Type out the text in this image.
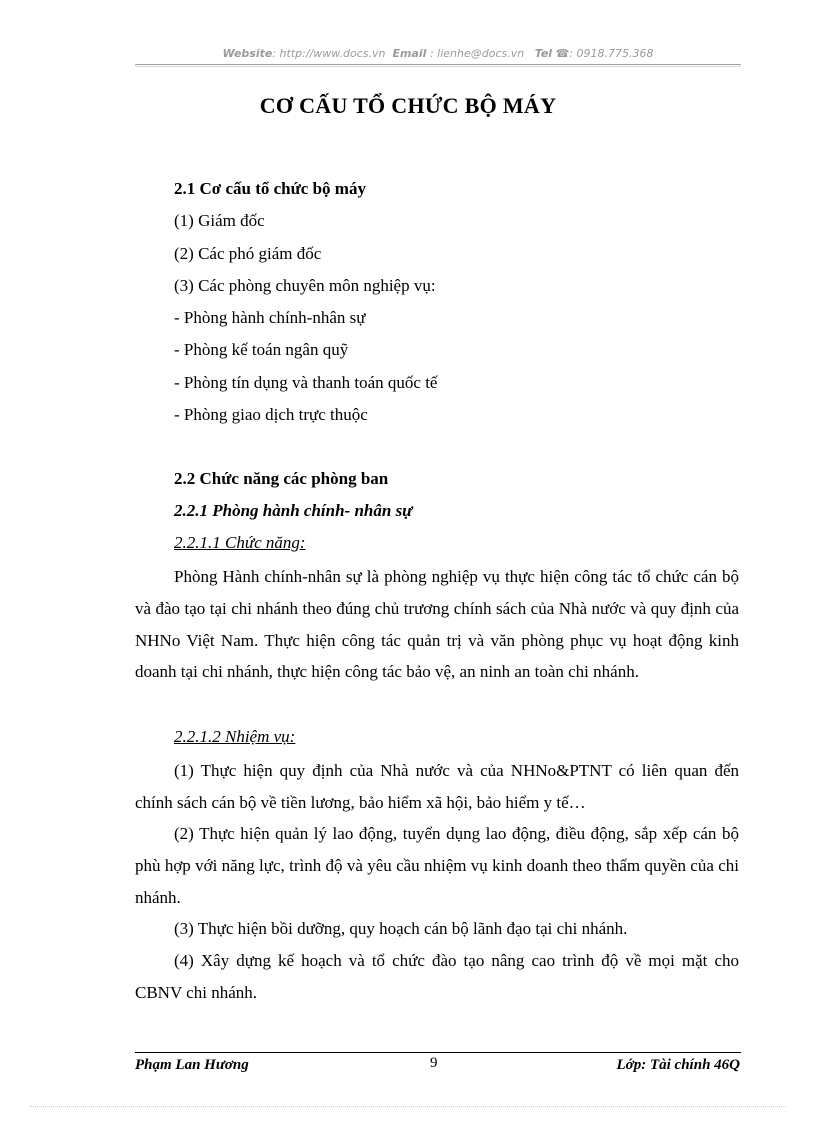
Website: http://www.docs.vn Email : lienhe@docs.vn Tel ☎: 0918.775.368
CƠ CẤU TỔ CHỨC BỘ MÁY
2.1 Cơ cấu tổ chức bộ máy
(1) Giám đốc
(2) Các phó giám đốc
(3) Các phòng chuyên môn nghiệp vụ:
- Phòng hành chính-nhân sự
- Phòng kế toán ngân quỹ
- Phòng tín dụng và thanh toán quốc tế
- Phòng giao dịch trực thuộc
2.2 Chức năng các phòng ban
2.2.1 Phòng hành chính- nhân sự
2.2.1.1 Chức năng:

Phòng Hành chính-nhân sự là phòng nghiệp vụ thực hiện công tác tổ chức cán bộ và đào tạo tại chi nhánh theo đúng chủ trương chính sách của Nhà nước và quy định của NHNo Việt Nam. Thực hiện công tác quản trị và văn phòng phục vụ hoạt động kinh doanh tại chi nhánh, thực hiện công tác bảo vệ, an ninh an toàn chi nhánh.

2.2.1.2 Nhiệm vụ:

(1) Thực hiện quy định của Nhà nước và của NHNo&PTNT có liên quan đến chính sách cán bộ về tiền lương, bảo hiểm xã hội, bảo hiểm y tế…

(2) Thực hiện quản lý lao động, tuyển dụng lao động, điều động, sắp xếp cán bộ phù hợp với năng lực, trình độ và yêu cầu nhiệm vụ kinh doanh theo thẩm quyền của chi nhánh.

(3) Thực hiện bồi dưỡng, quy hoạch cán bộ lãnh đạo tại chi nhánh.

(4) Xây dựng kế hoạch và tổ chức đào tạo nâng cao trình độ về mọi mặt cho CBNV chi nhánh.

Phạm Lan Hương	9	Lớp: Tài chính 46Q
